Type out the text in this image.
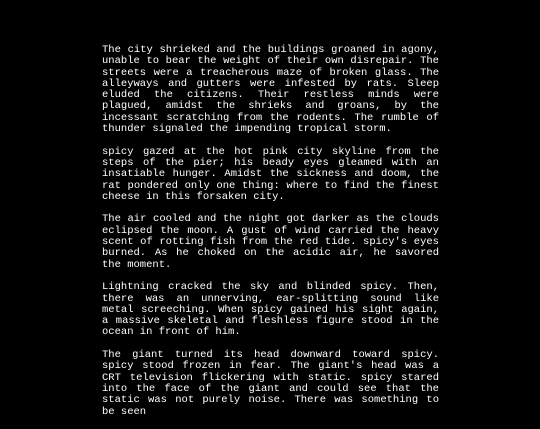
The city shrieked and the buildings groaned in agony, unable to bear the weight of their own disrepair. The streets were a treacherous maze of broken glass. The alleyways and gutters were infested by rats. Sleep eluded the citizens. Their restless minds were plagued, amidst the shrieks and groans, by the incessant scratching from the rodents. The rumble of thunder signaled the impending tropical storm.

spicy gazed at the hot pink city skyline from the steps of the pier; his beady eyes gleamed with an insatiable hunger. Amidst the sickness and doom, the rat pondered only one thing: where to find the finest cheese in this forsaken city.

The air cooled and the night got darker as the clouds eclipsed the moon. A gust of wind carried the heavy scent of rotting fish from the red tide. spicy's eyes burned. As he choked on the acidic air, he savored the moment.

Lightning cracked the sky and blinded spicy. Then, there was an unnerving, ear-splitting sound like metal screeching. When spicy gained his sight again, a massive skeletal and fleshless figure stood in the ocean in front of him.

The giant turned its head downward toward spicy. spicy stood frozen in fear. The giant's head was a CRT television flickering with static. spicy stared into the face of the giant and could see that the static was not purely noise. There was something to be seen
